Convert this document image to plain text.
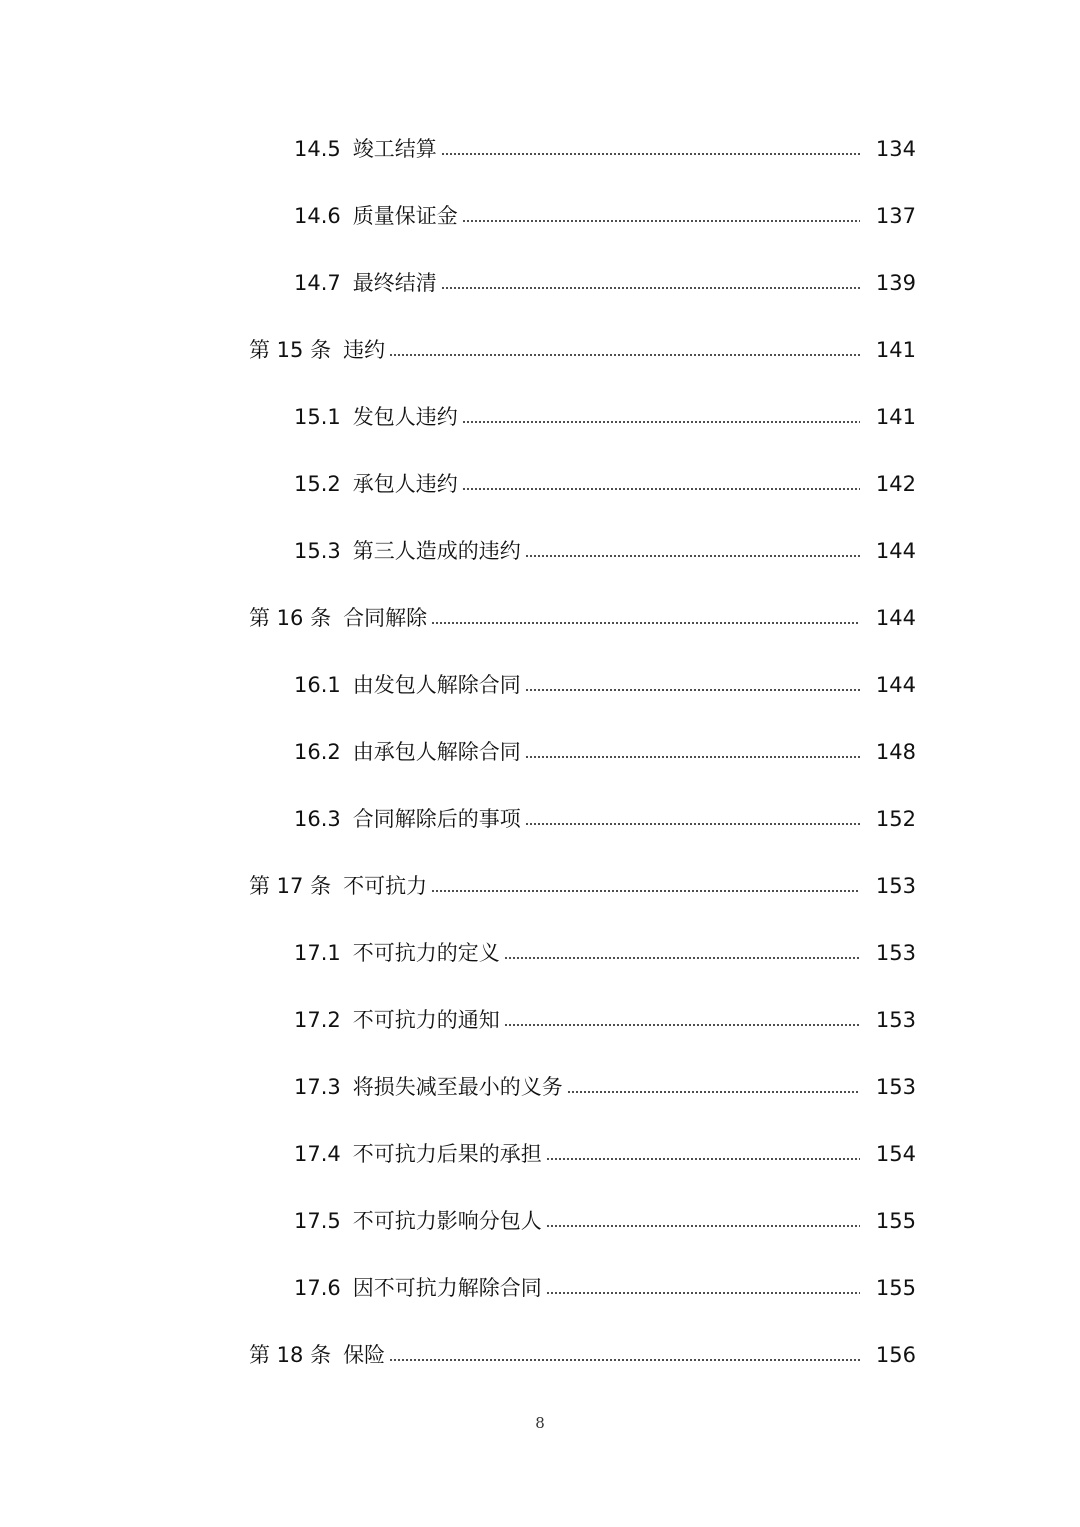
14.5 竣工结算	134
14.6 质量保证金	137
14.7 最终结清	139
第 15 条 违约	141
15.1 发包人违约	141
15.2 承包人违约	142
15.3 第三人造成的违约	144
第 16 条 合同解除	144
16.1 由发包人解除合同	144
16.2 由承包人解除合同	148
16.3 合同解除后的事项	152
第 17 条 不可抗力	153
17.1 不可抗力的定义	153
17.2 不可抗力的通知	153
17.3 将损失减至最小的义务	153
17.4 不可抗力后果的承担	154
17.5 不可抗力影响分包人	155
17.6 因不可抗力解除合同	155
第 18 条 保险	156
8
